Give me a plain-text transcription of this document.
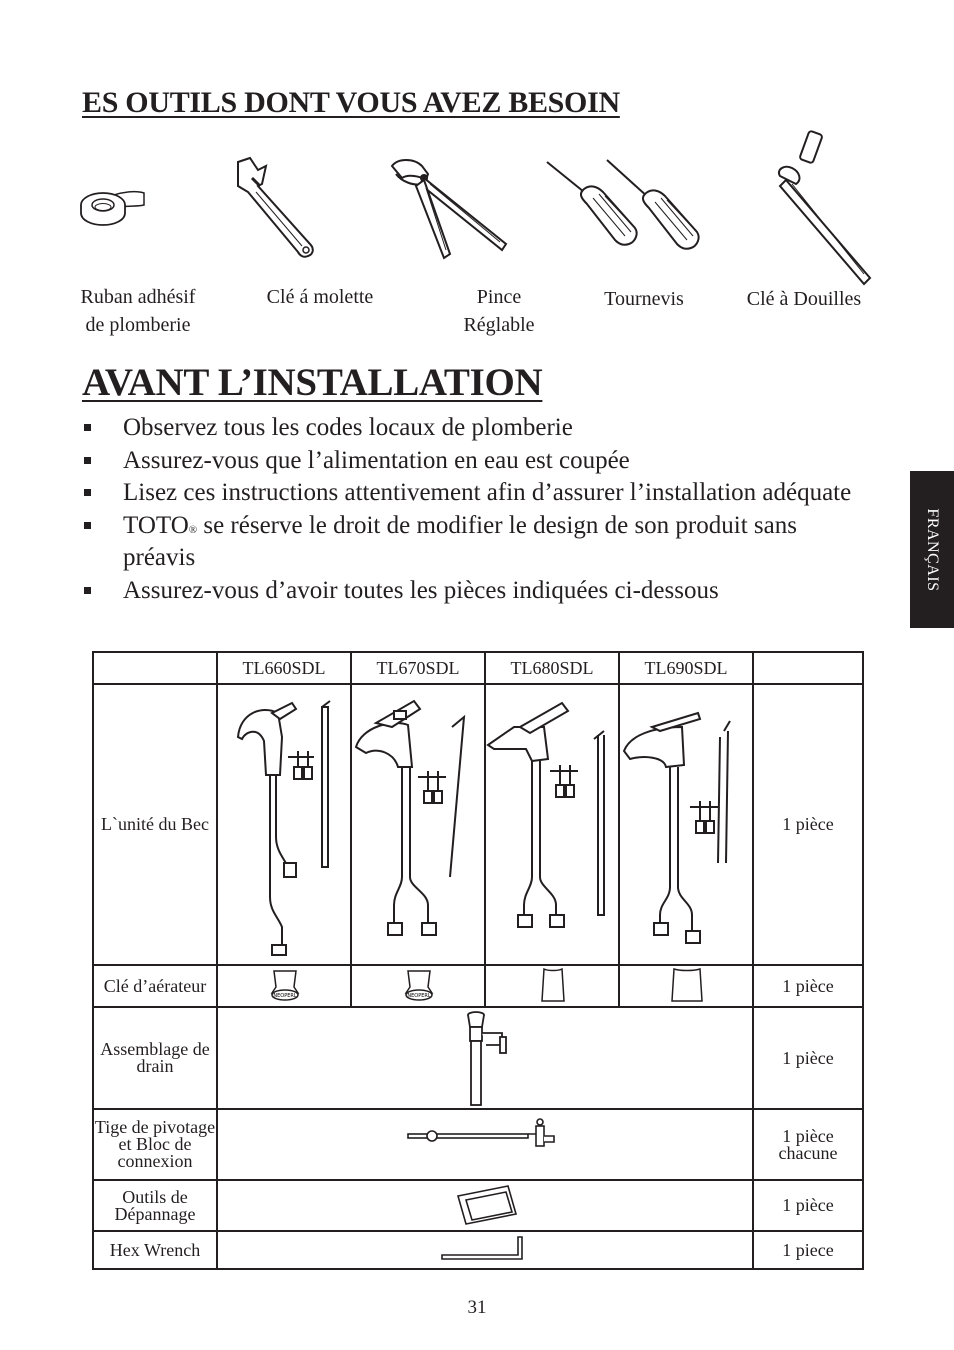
ES OUTILS DONT VOUS AVEZ BESOIN
Ruban adhésif de plomberie
Clé á molette	Pince Réglable
Tournevis	Clé à Douilles
AVANT L’INSTALLATION
Observez tous les codes locaux de plomberie
Assurez-vous que l’alimentation en eau est coupée
Lisez ces instructions attentivement afin d’assurer l’installation adéquate
TOTO® se réserve le droit de modifier le design de son produit sans préavis
Assurez-vous d’avoir toutes les pièces indiquées ci-dessous	FRANÇAIS
	TL660SDL	TL670SDL	TL680SDL	TL690SDL	
L`unité du Bec					1 pièce
Clé d’aérateur	NEOPERL	NEOPERL			1 pièce
Assemblage de drain					1 pièce
Tige de pivotage et Bloc de connexion					1 pièce chacune
Outils de Dépannage					1 pièce
Hex Wrench					1 piece
31
